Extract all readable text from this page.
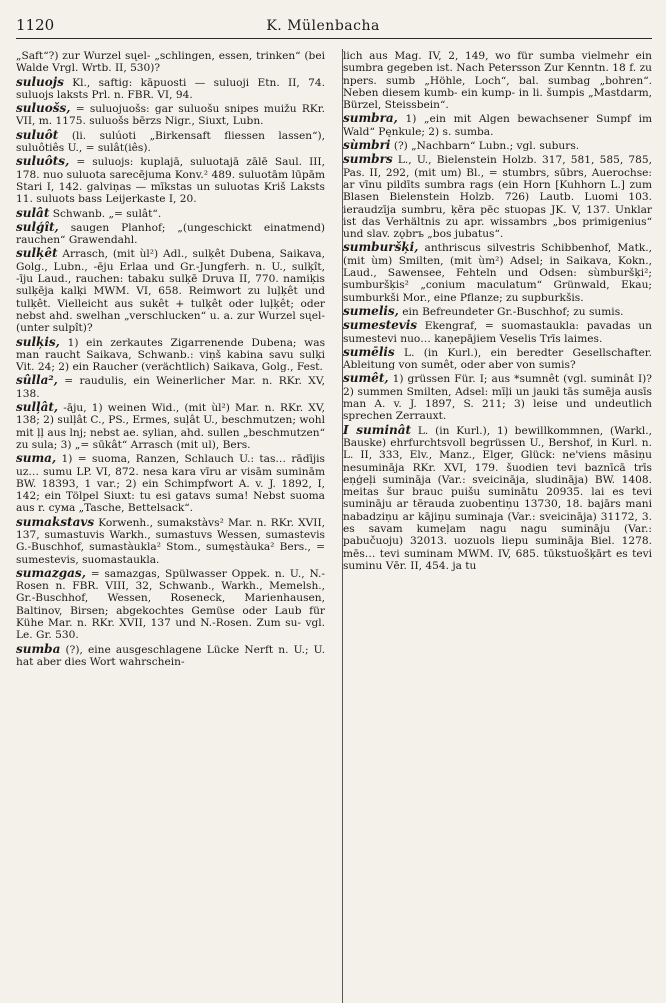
1120	K. Mülenbacha

„Saft“?) zur Wurzel sųel- „schlingen, essen, trinken“ (bei Walde Vrgl. Wrtb. II, 530)?

suluojs Kl., saftig: kāpuosti — suluoji Etn. II, 74. suluojs laksts Prl. n. FBR. VI, 94.

suluošs, = suluojuošs: gar suluošu snipes muižu RKr. VII, m. 1175. suluošs bērzs Nigr., Siuxt, Lubn.

suluôt (li. sulúoti „Birkensaft fliessen lassen“), suluôtiês U., = sulât(iês).

suluôts, = suluojs: kuplajā, suluotajā zālē Saul. III, 178. nuo suluota sarecējuma Konv.² 489. suluotām lūpām Stari I, 142. galviņas — mīkstas un suluotas Kriš Laksts 11. suluots bass Leijerkaste I, 20.

sulât Schwanb. „= sulât“.

sulģît, saugen Planhof; „(ungeschickt einatmend) rauchen“ Grawendahl.

sulķêt Arrasch, (mit ùl²) Adl., sulķêt Dubena, Saikava, Golg., Lubn., -ēju Erlaa und Gr.-Jungferh. n. U., sulķît, -īju Laud., rauchen: tabaku sulķē Druva II, 770. namiķis sulķēja kalķi MWM. VI, 658. Reimwort zu luļķêt und tulķêt. Vielleicht aus sukêt + tulķêt oder luļķêt; oder nebst ahd. swelhan „verschlucken“ u. a. zur Wurzel sųel- (unter sulpît)?

sulķis, 1) ein zerkautes Zigarrenende Dubena; was man raucht Saikava, Schwanb.: viņš kabina savu sulķi Vit. 24; 2) ein Raucher (verächtlich) Saikava, Golg., Fest.

sûlla², = raudulis, ein Weinerlicher Mar. n. RKr. XV, 138.

sulļât, -āju, 1) weinen Wid., (mit ùl²) Mar. n. RKr. XV, 138; 2) sulļât C., PS., Ermes, suļât U., beschmutzen; wohl mit ļļ aus lnj; nebst ae. sylian, ahd. sullen „beschmutzen“ zu sula; 3) „= sūkât“ Arrasch (mit ul), Bers.

suma, 1) = suoma, Ranzen, Schlauch U.: tas… rādījis uz… sumu LP. VI, 872. nesa kara vīru ar visām suminām BW. 18393, 1 var.; 2) ein Schimpfwort A. v. J. 1892, I, 142; ein Tölpel Siuxt: tu esi gatavs suma! Nebst suoma aus r. сума „Tasche, Bettelsack“.

sumakstavs Korwenh., sumakstàvs² Mar. n. RKr. XVII, 137, sumastuvis Warkh., sumastuvs Wessen, sumastevis G.-Buschhof, sumastàukla² Stom., sumęstàuka² Bers., = sumestevis, suomastaukla.

sumazgas, = samazgas, Spülwasser Oppek. n. U., N.-Rosen n. FBR. VIII, 32, Schwanb., Warkh., Memelsh., Gr.-Buschhof, Wessen, Roseneck, Marienhausen, Baltinov, Birsen; abgekochtes Gemüse oder Laub für Kühe Mar. n. RKr. XVII, 137 und N.-Rosen. Zum su- vgl. Le. Gr. 530.

sumba (?), eine ausgeschlagene Lücke Nerft n. U.; U. hat aber dies Wort wahrschein-

lich aus Mag. IV, 2, 149, wo für sumba vielmehr ein sumbra gegeben ist. Nach Petersson Zur Kenntn. 18 f. zu npers. sumb „Höhle, Loch“, bal. sumbag „bohren“. Neben diesem kumb- ein kump- in li. šumpis „Mastdarm, Bürzel, Steissbein“.

sumbra, 1) „ein mit Algen bewachsener Sumpf im Wald“ Pęnkule; 2) s. sumba.

sùmbri (?) „Nachbarn“ Lubn.; vgl. suburs.

sumbrs L., U., Bielenstein Holzb. 317, 581, 585, 785, Pas. II, 292, (mit um) Bl., = stumbrs, sūbrs, Auerochse: ar vīnu pildīts sumbra rags (ein Horn [Kuhhorn L.] zum Blasen Bielenstein Holzb. 726) Lautb. Luomi 103. ieraudzīja sumbru, ķēra pēc stuopas JK. V, 137. Unklar ist das Verhältnis zu apr. wissambrs „bos primigenius“ und slav. zǫbrъ „bos jubatus“.

sumburšķi, anthriscus silvestris Schibbenhof, Matk., (mit ùm) Smilten, (mit ùm²) Adsel; in Saikava, Kokn., Laud., Sawensee, Fehteln und Odsen: sùmburšķi²; sumburšķis² „conium maculatum“ Grünwald, Ekau; sumburkši Mor., eine Pflanze; zu supburkšis.

sumelis, ein Befreundeter Gr.-Buschhof; zu sumis.

sumestevis Ekengraf, = suomastaukla: pavadas un sumestevi nuo… kaņepājiem Veselis Trīs laimes.

sumēlis L. (in Kurl.), ein beredter Gesellschafter. Ableitung von sumêt, oder aber von sumis?

sumêt, 1) grüssen Für. I; aus *sumnêt (vgl. suminât I)? 2) summen Smilten, Adsel: mīļi un jauki tās sumēja ausīs man A. v. J. 1897, S. 211; 3) leise und undeutlich sprechen Zerrauxt.

I suminât L. (in Kurl.), 1) bewillkommnen, (Warkl., Bauske) ehrfurchtsvoll begrüssen U., Bershof, in Kurl. n. L. II, 333, Elv., Manz., Elger, Glück: ne'viens māsiņu nesumināja RKr. XVI, 179. šuodien tevi baznīcā trīs eņģeļi sumināja (Var.: sveicināja, sludināja) BW. 1408. meitas šur brauc puišu suminātu 20935. lai es tevi sumināju ar tērauda zuobentiņu 13730, 18. bajārs mani nabadziņu ar kājiņu suminaja (Var.: sveicināja) 31172, 3. es savam kumeļam nagu nagu sumināju (Var.: pabučuoju) 32013. uozuols liepu sumināja Biel. 1278. mēs… tevi suminam MWM. IV, 685. tūkstuošķārt es tevi suminu Vēr. II, 454. ja tu
